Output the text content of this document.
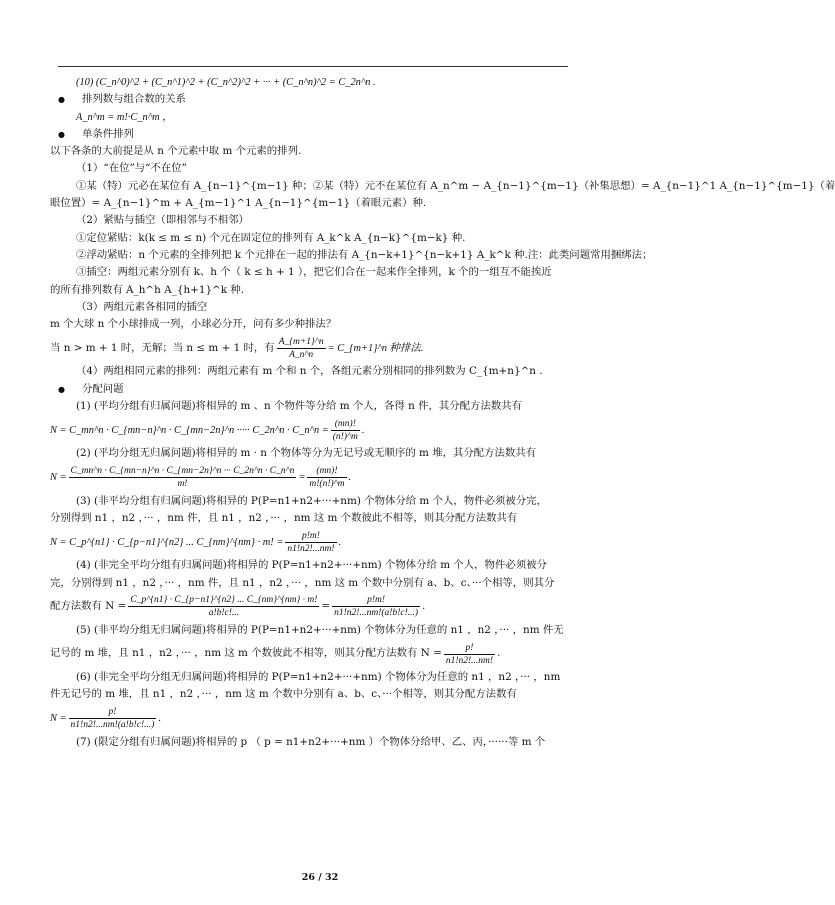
(10) (C_n^0)^2 + (C_n^1)^2 + (C_n^2)^2 + ··· + (C_n^n)^2 = C_2n^n .

● 排列数与组合数的关系

A_n^m = m!·C_n^m ，

● 单条件排列

以下各条的大前提是从 n 个元素中取 m 个元素的排列.

（1）“在位”与“不在位”

①某（特）元必在某位有 A_{n−1}^{m−1} 种；②某（特）元不在某位有 A_n^m − A_{n−1}^{m−1}（补集思想）= A_{n−1}^1 A_{n−1}^{m−1}（着

眼位置）= A_{n−1}^m + A_{m−1}^1 A_{n−1}^{m−1}（着眼元素）种.

（2）紧贴与插空（即相邻与不相邻）

①定位紧贴：k(k ≤ m ≤ n) 个元在固定位的排列有 A_k^k A_{n−k}^{m−k} 种.

②浮动紧贴：n 个元素的全排列把 k 个元排在一起的排法有 A_{n−k+1}^{n−k+1} A_k^k 种.注：此类问题常用捆绑法；

③插空：两组元素分别有 k、h 个（ k ≤ h + 1 ），把它们合在一起来作全排列，k 个的一组互不能挨近

的所有排列数有 A_h^h A_{h+1}^k 种.

（3）两组元素各相同的插空

m 个大球 n 个小球排成一列，小球必分开，问有多少种排法？

当 n > m + 1 时，无解；当 n ≤ m + 1 时，有 $\frac{A\_\{m+1\}\^{}n}{A\_n\^{}n}$ = C_{m+1}^n 种排法.

（4）两组相同元素的排列：两组元素有 m 个和 n 个，各组元素分别相同的排列数为 C_{m+n}^n .

● 分配问题

(1) (平均分组有归属问题)将相异的 m 、n 个物件等分给 m 个人，各得 n 件，其分配方法数共有

N = C_mn^n · C_{mn−n}^n · C_{mn−2n}^n ····· C_2n^n · C_n^n = $\frac{(mn)!}{(n!)\^{}m}$ .

(2) (平均分组无归属问题)将相异的 m · n 个物体等分为无记号或无顺序的 m 堆，其分配方法数共有

$N = \frac{C\_mn\^{}n \cdot C\_\{mn-n\}\^{}n \cdot C\_\{mn-2n\}\^{}n \cdot\cdot\cdot C\_2n\^{}n \cdot C\_n\^{}n}{m!} = \frac{(mn)!}{m!(n!)\^{}m}$ .

(3) (非平均分组有归属问题)将相异的 P(P=n1+n2+···+nm) 个物体分给 m 个人，物件必须被分完，

分别得到 n1 ，n2 ，··· ，nm 件，且 n1 ，n2 ，··· ，nm 这 m 个数彼此不相等，则其分配方法数共有

N = C_p^{n1} · C_{p−n1}^{n2} ... C_{nm}^{nm} · m! = $\frac{p!m!}{n1!n2!...nm!}$ .

(4) (非完全平均分组有归属问题)将相异的 P(P=n1+n2+···+nm) 个物体分给 m 个人，物件必须被分

完，分别得到 n1 ，n2 ，··· ，nm 件，且 n1 ，n2 ，··· ，nm 这 m 个数中分别有 a、b、c、···个相等，则其分

配方法数有 $N = \frac{C\_p\^{}\{n1\} \cdot C\_\{p-n1\}\^{}\{n2\} ... C\_\{nm\}\^{}\{nm\} \cdot m!}{a!b!c!...} = \frac{p!m!}{n1!n2!...nm!(a!b!c!...)}$ .

(5) (非平均分组无归属问题)将相异的 P(P=n1+n2+···+nm) 个物体分为任意的 n1 ，n2 ，··· ，nm 件无

记号的 m 堆，且 n1 ，n2 ，··· ，nm 这 m 个数彼此不相等，则其分配方法数有 $N = \frac{p!}{n1!n2!...nm!}$ .

(6) (非完全平均分组无归属问题)将相异的 P(P=n1+n2+···+nm) 个物体分为任意的 n1 ，n2 ，··· ，nm

件无记号的 m 堆，且 n1 ，n2 ，··· ，nm 这 m 个数中分别有 a、b、c、···个相等，则其分配方法数有

$N = \frac{p!}{n1!n2!...nm!(a!b!c!...)}$ .

(7) (限定分组有归属问题)将相异的 p （ p = n1+n2+···+nm ）个物体分给甲、乙、丙，······等 m 个

26 / 32
